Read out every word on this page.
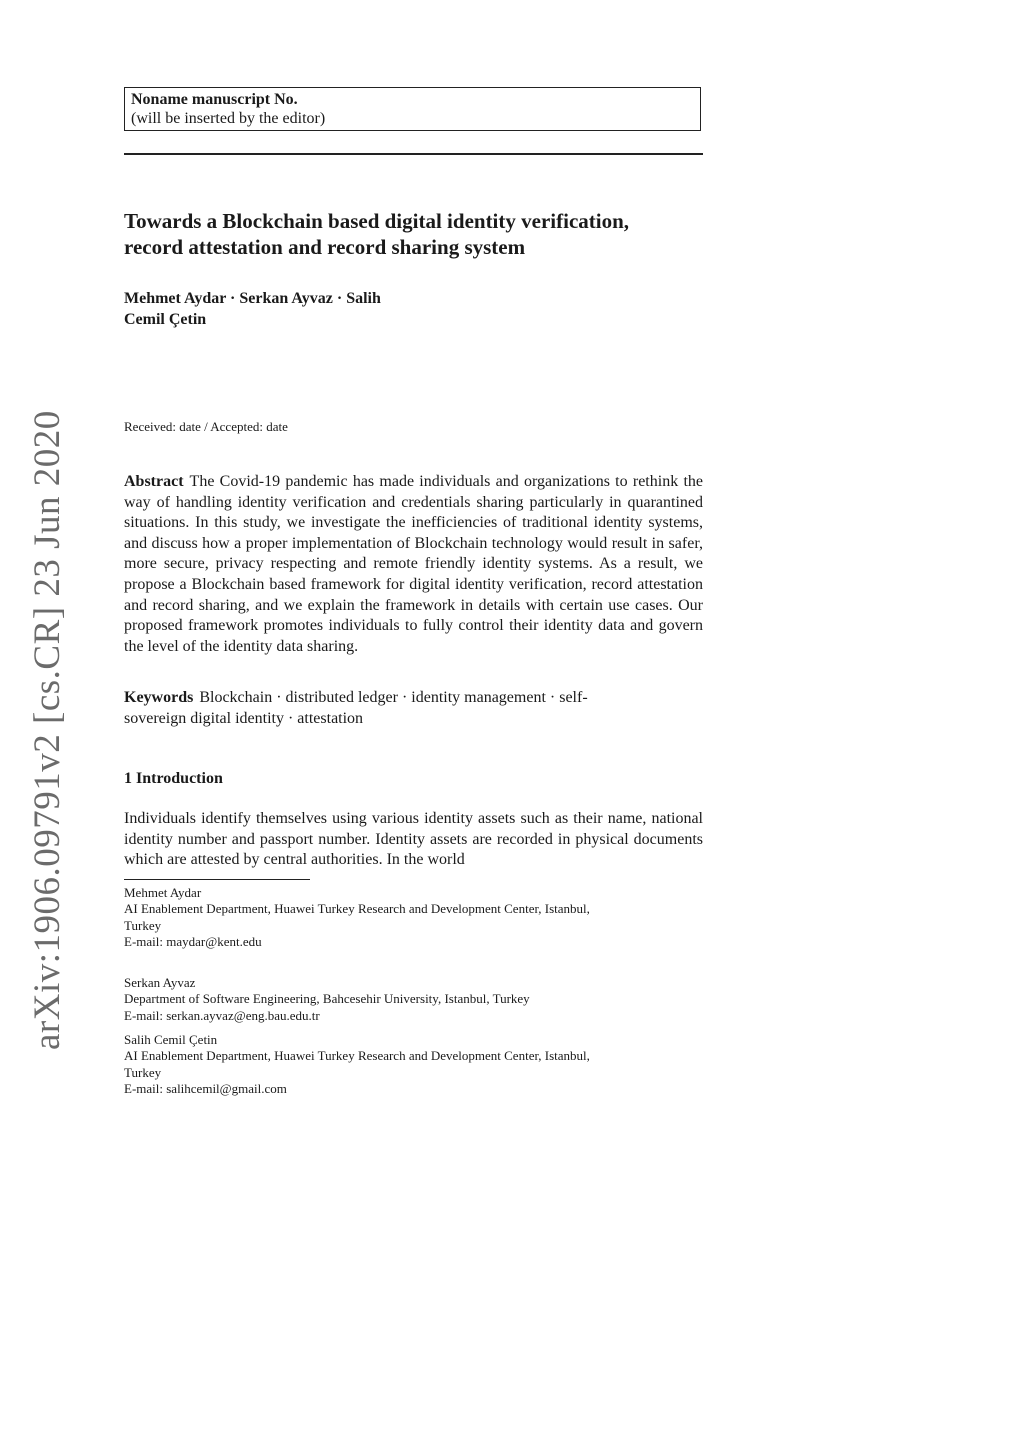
arXiv:1906.09791v2 [cs.CR] 23 Jun 2020
Noname manuscript No.
(will be inserted by the editor)
Towards a Blockchain based digital identity verification,
record attestation and record sharing system
Mehmet Aydar · Serkan Ayvaz · Salih
Cemil Çetin
Received: date / Accepted: date
Abstract The Covid-19 pandemic has made individuals and organizations to rethink the way of handling identity verification and credentials sharing particularly in quarantined situations. In this study, we investigate the inefficiencies of traditional identity systems, and discuss how a proper implementation of Blockchain technology would result in safer, more secure, privacy respecting and remote friendly identity systems. As a result, we propose a Blockchain based framework for digital identity verification, record attestation and record sharing, and we explain the framework in details with certain use cases. Our proposed framework promotes individuals to fully control their identity data and govern the level of the identity data sharing.
Keywords Blockchain · distributed ledger · identity management · self-
sovereign digital identity · attestation
1 Introduction
Individuals identify themselves using various identity assets such as their name, national identity number and passport number. Identity assets are recorded in physical documents which are attested by central authorities. In the world
Mehmet Aydar
AI Enablement Department, Huawei Turkey Research and Development Center, Istanbul,
Turkey
E-mail: maydar@kent.edu
Serkan Ayvaz
Department of Software Engineering, Bahcesehir University, Istanbul, Turkey
E-mail: serkan.ayvaz@eng.bau.edu.tr
Salih Cemil Çetin
AI Enablement Department, Huawei Turkey Research and Development Center, Istanbul,
Turkey
E-mail: salihcemil@gmail.com
